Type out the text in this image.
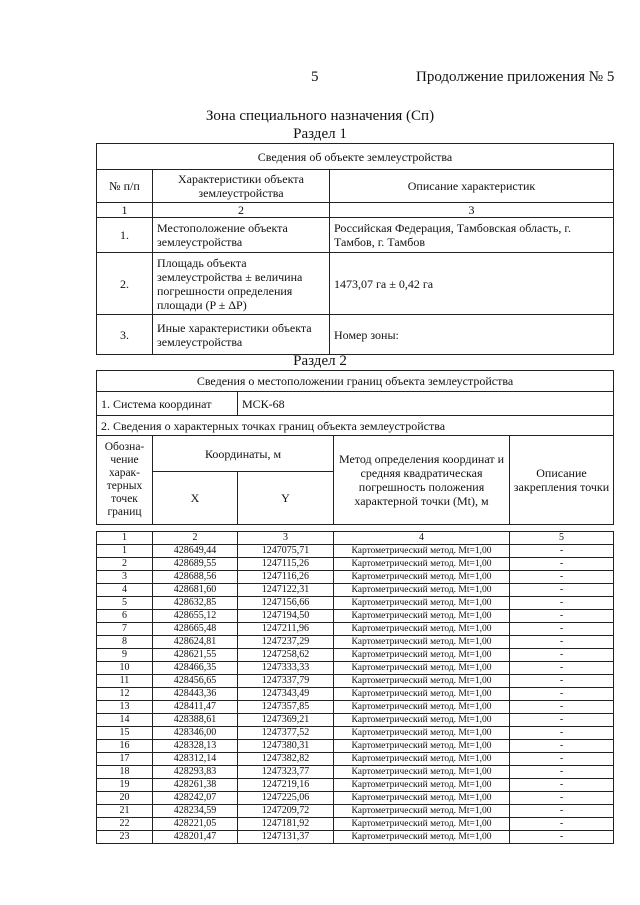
5	Продолжение приложения № 5
Зона специального назначения (Сп)
Раздел 1
Сведения об объекте землеустройства		
№ п/п	Характеристики объекта землеустройства	Описание характеристик
1	2	3
1.	Местоположение объекта землеустройства	Российская Федерация, Тамбовская область, г. Тамбов, г. Тамбов
2.	Площадь объекта землеустройства ± величина погрешности определения площади (P ± ΔP)	1473,07 га ± 0,42 га
3.	Иные характеристики объекта землеустройства	Номер зоны:
Раздел 2
Сведения о местоположении границ объекта землеустройства				
1. Система координат		МСК-68		
2. Сведения о характерных точках границ объекта землеустройства				
Обозна-чение харак-терных точек границ	Координаты, м		Метод определения координат и средняя квадратическая погрешность положения характерной точки (Mt), м	Описание закрепления точки
	X	Y		
1	2	3	4	5
1	428649,44	1247075,71	Картометрический метод. Mt=1,00	-
2	428689,55	1247115,26	Картометрический метод. Mt=1,00	-
3	428688,56	1247116,26	Картометрический метод. Mt=1,00	-
4	428681,60	1247122,31	Картометрический метод. Mt=1,00	-
5	428632,85	1247156,66	Картометрический метод. Mt=1,00	-
6	428655,12	1247194,50	Картометрический метод. Mt=1,00	-
7	428665,48	1247211,96	Картометрический метод. Mt=1,00	-
8	428624,81	1247237,29	Картометрический метод. Mt=1,00	-
9	428621,55	1247258,62	Картометрический метод. Mt=1,00	-
10	428466,35	1247333,33	Картометрический метод. Mt=1,00	-
11	428456,65	1247337,79	Картометрический метод. Mt=1,00	-
12	428443,36	1247343,49	Картометрический метод. Mt=1,00	-
13	428411,47	1247357,85	Картометрический метод. Mt=1,00	-
14	428388,61	1247369,21	Картометрический метод. Mt=1,00	-
15	428346,00	1247377,52	Картометрический метод. Mt=1,00	-
16	428328,13	1247380,31	Картометрический метод. Mt=1,00	-
17	428312,14	1247382,82	Картометрический метод. Mt=1,00	-
18	428293,83	1247323,77	Картометрический метод. Mt=1,00	-
19	428261,38	1247219,16	Картометрический метод. Mt=1,00	-
20	428242,07	1247225,06	Картометрический метод. Mt=1,00	-
21	428234,59	1247209,72	Картометрический метод. Mt=1,00	-
22	428221,05	1247181,92	Картометрический метод. Mt=1,00	-
23	428201,47	1247131,37	Картометрический метод. Mt=1,00	-
